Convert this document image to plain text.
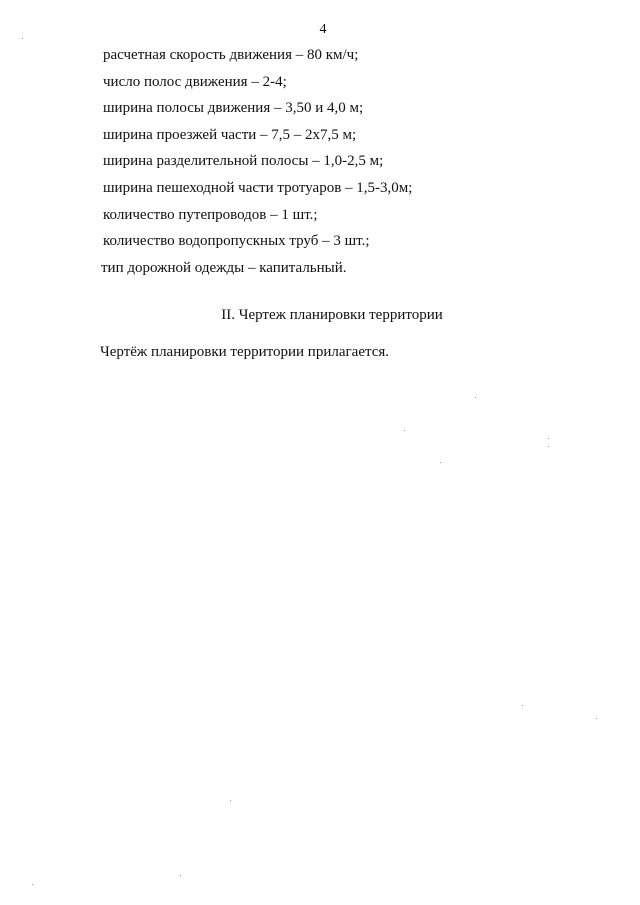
4
расчетная скорость движения – 80 км/ч;
число полос движения – 2-4;
ширина полосы движения – 3,50 и 4,0 м;
ширина проезжей части – 7,5 – 2х7,5 м;
ширина разделительной полосы – 1,0-2,5 м;
ширина пешеходной части тротуаров – 1,5-3,0м;
количество путепроводов – 1 шт.;
количество водопропускных труб – 3 шт.;
тип дорожной одежды – капитальный.
II. Чертеж планировки территории
Чертёж планировки территории прилагается.
